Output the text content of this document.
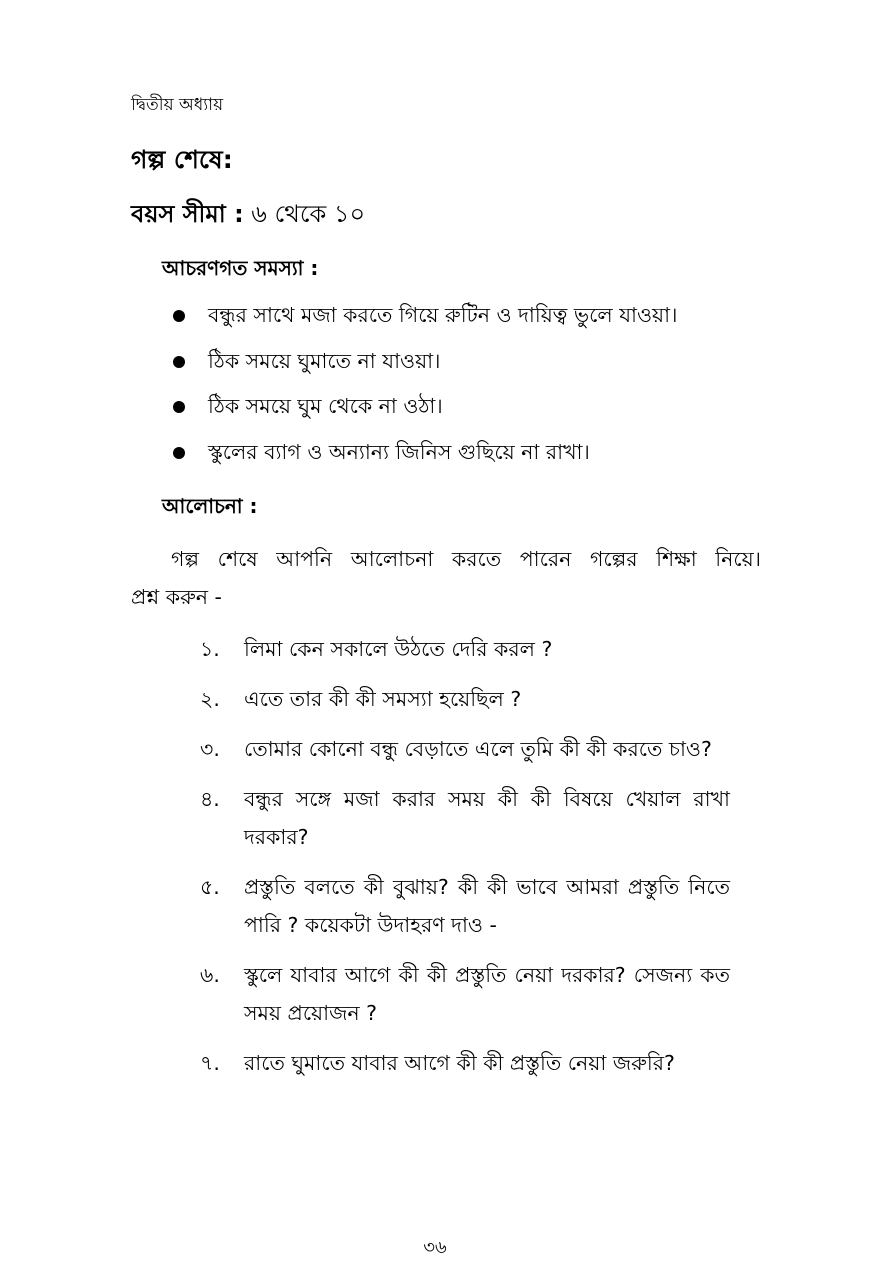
দ্বিতীয় অধ্যায়
গল্প শেষে:
বয়স সীমা : ৬ থেকে ১০
আচরণগত সমস্যা :
বন্ধুর সাথে মজা করতে গিয়ে রুটিন ও দায়িত্ব ভুলে যাওয়া।
ঠিক সময়ে ঘুমাতে না যাওয়া।
ঠিক সময়ে ঘুম থেকে না ওঠা।
স্কুলের ব্যাগ ও অন্যান্য জিনিস গুছিয়ে না রাখা।
আলোচনা :
গল্প শেষে আপনি আলোচনা করতে পারেন গল্পের শিক্ষা নিয়ে।
প্রশ্ন করুন -
১. লিমা কেন সকালে উঠতে দেরি করল ?
২. এতে তার কী কী সমস্যা হয়েছিল ?
৩. তোমার কোনো বন্ধু বেড়াতে এলে তুমি কী কী করতে চাও?
৪. বন্ধুর সঙ্গে মজা করার সময় কী কী বিষয়ে খেয়াল রাখা দরকার?
৫. প্রস্তুতি বলতে কী বুঝায়? কী কী ভাবে আমরা প্রস্তুতি নিতে পারি ? কয়েকটা উদাহরণ দাও -
৬. স্কুলে যাবার আগে কী কী প্রস্তুতি নেয়া দরকার? সেজন্য কত সময় প্রয়োজন ?
৭. রাতে ঘুমাতে যাবার আগে কী কী প্রস্তুতি নেয়া জরুরি?
৩৬
